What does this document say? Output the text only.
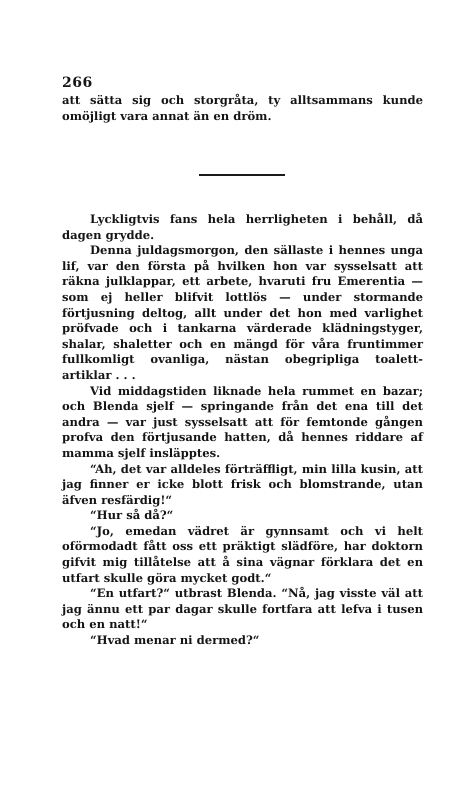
266

att sätta sig och storgråta, ty alltsammans kunde omöjligt vara annat än en dröm.

Lyckligtvis fans hela herrligheten i behåll, då dagen grydde.

Denna juldagsmorgon, den sällaste i hennes unga lif, var den första på hvilken hon var sysselsatt att räkna julklappar, ett arbete, hvaruti fru Emerentia — som ej heller blifvit lottlös — under stormande förtjusning deltog, allt under det hon med varlighet pröfvade och i tankarna värderade klädningstyger, shalar, shaletter och en mängd för våra fruntimmer fullkomligt ovanliga, nästan obegripliga toalett-artiklar . . .

Vid middagstiden liknade hela rummet en bazar; och Blenda sjelf — springande från det ena till det andra — var just sysselsatt att för femtonde gången profva den förtjusande hatten, då hennes riddare af mamma sjelf insläpptes.

“Ah, det var alldeles förträffligt, min lilla kusin, att jag finner er icke blott frisk och blomstrande, utan äfven resfärdig!“

“Hur så då?“

“Jo, emedan vädret är gynnsamt och vi helt oförmodadt fått oss ett präktigt slädföre, har doktorn gifvit mig tillåtelse att å sina vägnar förklara det en utfart skulle göra mycket godt.“

“En utfart?“ utbrast Blenda. “Nå, jag visste väl att jag ännu ett par dagar skulle fortfara att lefva i tusen och en natt!“

“Hvad menar ni dermed?“
